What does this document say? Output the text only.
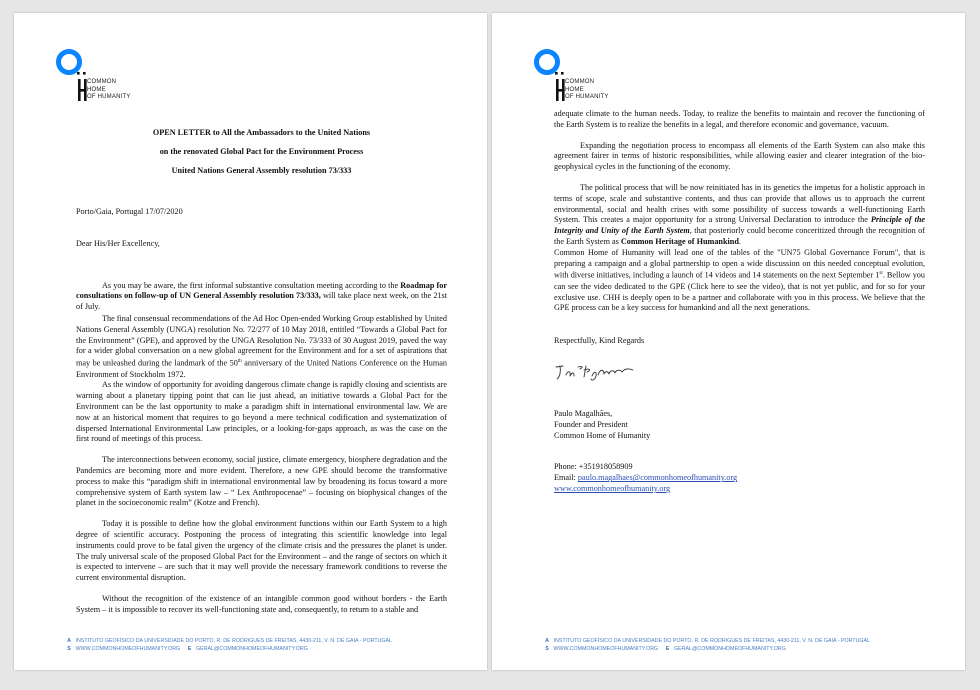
COMMON
HOME
OF HUMANITY
OPEN LETTER to All the Ambassadors to the United Nations
on the renovated Global Pact for the Environment Process
United Nations General Assembly resolution 73/333

Porto/Gaia, Portugal 17/07/2020

Dear His/Her Excellency,

As you may be aware, the first informal substantive consultation meeting according to the Roadmap for consultations on follow-up of UN General Assembly resolution 73/333, will take place next week, on the 21st of July.

The final consensual recommendations of the Ad Hoc Open-ended Working Group established by United Nations General Assembly (UNGA) resolution No. 72/277 of 10 May 2018, entitled “Towards a Global Pact for the Environment” (GPE), and approved by the UNGA Resolution No. 73/333 of 30 August 2019, paved the way for a wider global conversation on a new global agreement for the Environment and for a set of aspirations that may be unleashed during the landmark of the 50th anniversary of the United Nations Conference on the Human Environment of Stockholm 1972.

As the window of opportunity for avoiding dangerous climate change is rapidly closing and scientists are warning about a planetary tipping point that can lie just ahead, an initiative towards a Global Pact for the Environment can be the last opportunity to make a paradigm shift in international environmental law. We are now at an historical moment that requires to go beyond a mere technical codification and systematization of dispersed International Environmental Law principles, or a looking-for-gaps approach, as was the case on the first round of meetings of this process.

The interconnections between economy, social justice, climate emergency, biosphere degradation and the Pandemics are becoming more and more evident. Therefore, a new GPE should become the transformative process to make this “paradigm shift in international environmental law by broadening its focus toward a more comprehensive system of Earth system law – “ Lex Anthropocenae” – focusing on biophysical changes of the planet in the socioeconomic realm” (Kotze and French).

Today it is possible to define how the global environment functions within our Earth System to a high degree of scientific accuracy. Postponing the process of integrating this scientific knowledge into legal instruments could prove to be fatal given the urgency of the climate crisis and the pressures the planet is under. The truly universal scale of the proposed Global Pact for the Environment – and the range of sectors on which it is expected to intervene – are such that it may well provide the necessary framework conditions to reverse the current environmental disruption.

Without the recognition of the existence of an intangible common good without borders - the Earth System – it is impossible to recover its well-functioning state and, consequently, to return to a stable and

A INSTITUTO GEOFÍSICO DA UNIVERSIDADE DO PORTO, R. DE RODRIGUES DE FREITAS, 4430-211, V. N. DE GAIA - PORTUGAL
S WWW.COMMONHOMEOFHUMANITY.ORG E GERAL@COMMONHOMEOFHUMANITY.ORG
COMMON
HOME
OF HUMANITY

adequate climate to the human needs. Today, to realize the benefits to maintain and recover the functioning of the Earth System is to realize the benefits in a legal, and therefore economic and governance, vacuum.

Expanding the negotiation process to encompass all elements of the Earth System can also make this agreement fairer in terms of historic responsibilities, while allowing easier and clearer integration of the bio-geophysical cycles in the functioning of the economy.

The political process that will be now reinitiated has in its genetics the impetus for a holistic approach in terms of scope, scale and substantive contents, and thus can provide that allows us to approach the current environmental, social and health crises with some possibility of success towards a well-functioning Earth System. This creates a major opportunity for a strong Universal Declaration to introduce the Principle of the Integrity and Unity of the Earth System, that posteriorly could become conceritized through the recognition of the Earth System as Common Heritage of Humankind.

Common Home of Humanity will lead one of the tables of the "UN75 Global Governance Forum", that is preparing a campaign and a global partnership to open a wide discussion on this needed conceptual evolution, with diverse initiatives, including a launch of 14 videos and 14 statements on the next September 1st. Bellow you can see the video dedicated to the GPE (Click here to see the video), that is not yet public, and for so for your exclusive use. CHH is deeply open to be a partner and collaborate with you in this process. We believe that the GPE process can be a key success for humankind and all the next generations.

Respectfully, Kind Regards

Paulo Magalhães,

Founder and President

Common Home of Humanity

Phone: +351918058909

Email: paulo.magalhaes@commonhomeofhumanity.org

www.commonhomeofhumanity.org

A INSTITUTO GEOFÍSICO DA UNIVERSIDADE DO PORTO, R. DE RODRIGUES DE FREITAS, 4430-211, V. N. DE GAIA - PORTUGAL
S WWW.COMMONHOMEOFHUMANITY.ORG E GERAL@COMMONHOMEOFHUMANITY.ORG
